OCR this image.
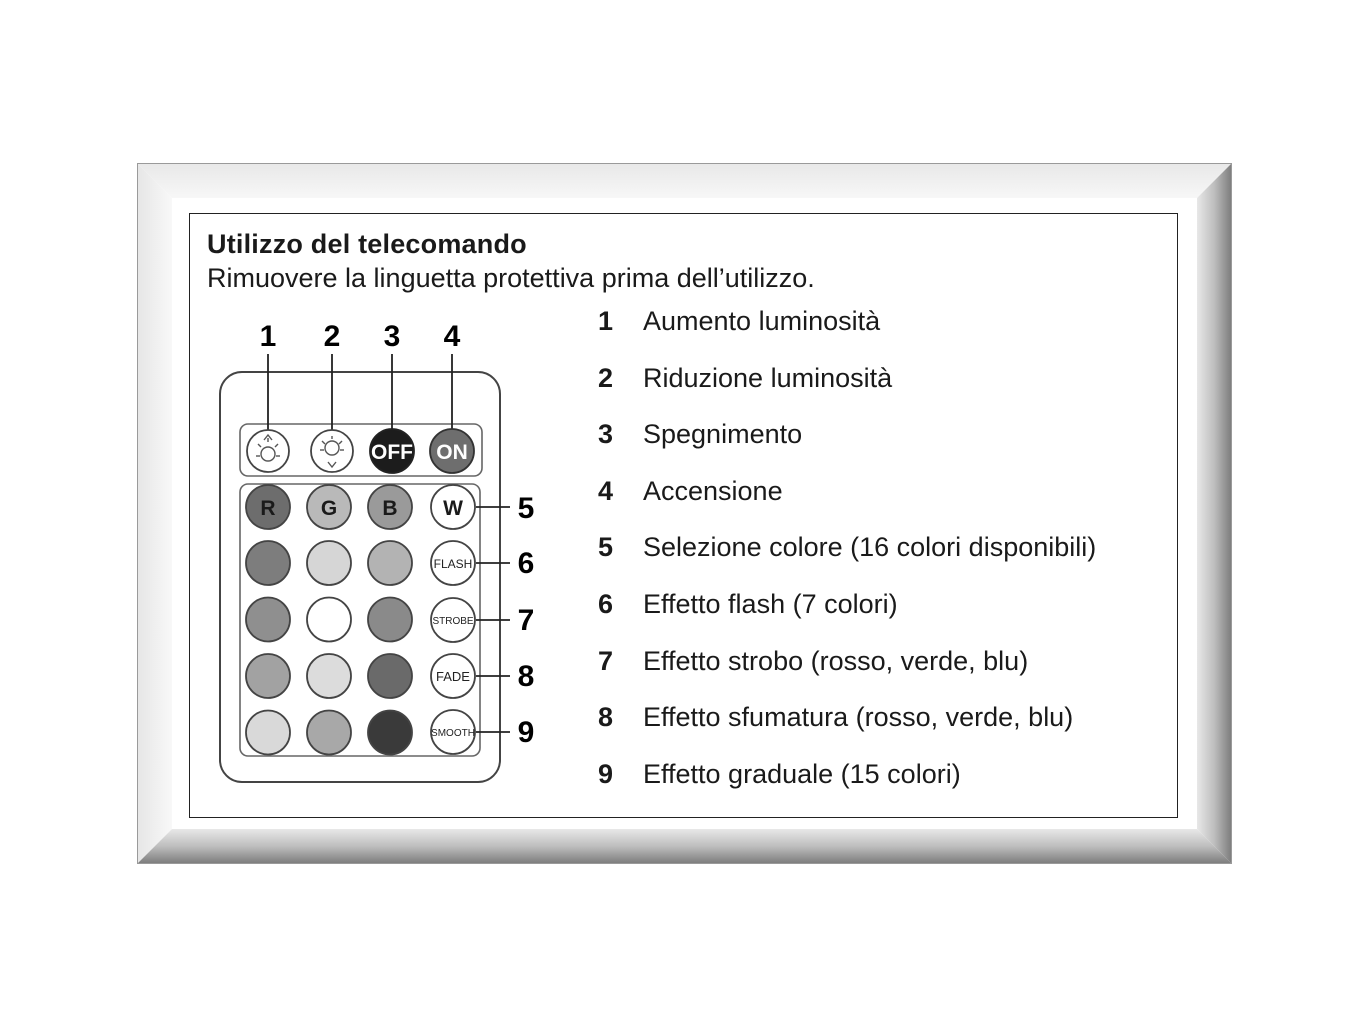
Utilizzo del telecomando
Rimuovere la linguetta protettiva prima dell’utilizzo.
1 2 3 4
5
6
7
8
9
OFF ON
R G B W
FLASH
STROBE
FADE
SMOOTH
1	Aumento luminosità
2	Riduzione luminosità
3	Spegnimento
4	Accensione
5	Selezione colore (16 colori disponibili)
6	Effetto flash (7 colori)
7	Effetto strobo (rosso, verde, blu)
8	Effetto sfumatura (rosso, verde, blu)
9	Effetto graduale (15 colori)
